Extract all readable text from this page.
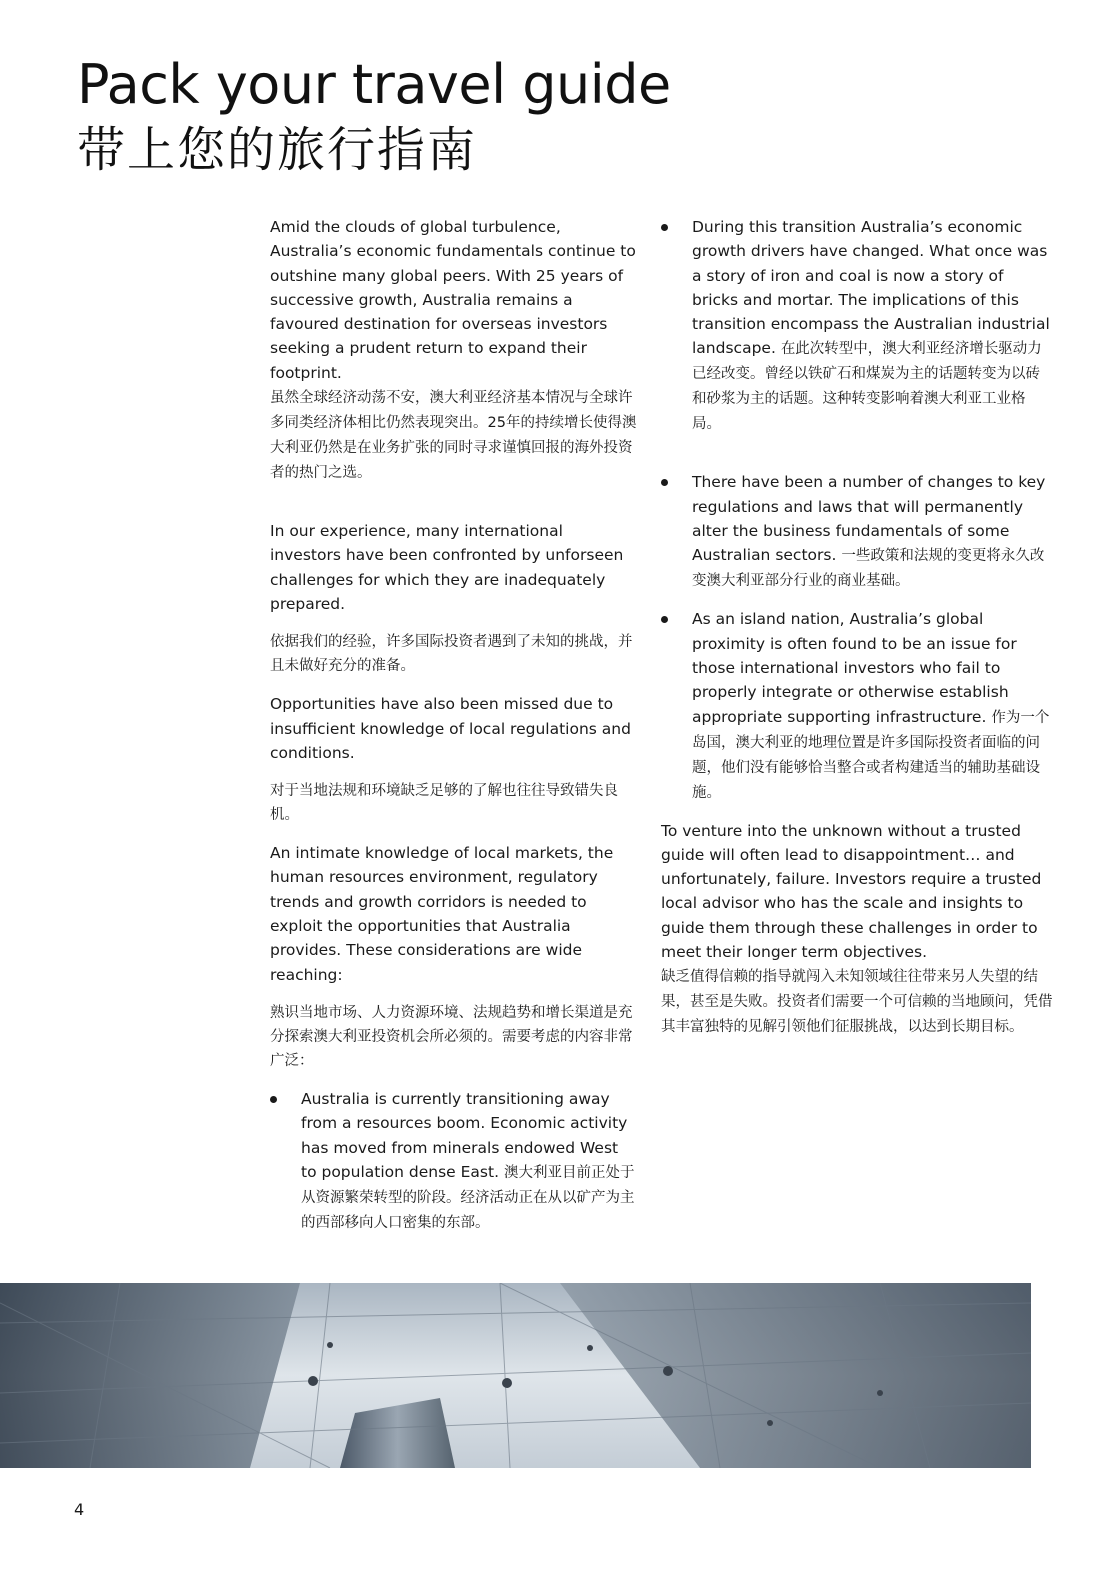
Pack your travel guide
带上您的旅行指南

Amid the clouds of global turbulence, Australia’s economic fundamentals continue to outshine many global peers. With 25 years of successive growth, Australia remains a favoured destination for overseas investors seeking a prudent return to expand their footprint.
虽然全球经济动荡不安，澳大利亚经济基本情况与全球许多同类经济体相比仍然表现突出。25年的持续增长使得澳大利亚仍然是在业务扩张的同时寻求谨慎回报的海外投资者的热门之选。

In our experience, many international investors have been confronted by unforseen challenges for which they are inadequately prepared.

依据我们的经验，许多国际投资者遇到了未知的挑战，并且未做好充分的准备。

Opportunities have also been missed due to insufficient knowledge of local regulations and conditions.

对于当地法规和环境缺乏足够的了解也往往导致错失良机。

An intimate knowledge of local markets, the human resources environment, regulatory trends and growth corridors is needed to exploit the opportunities that Australia provides. These considerations are wide reaching:

熟识当地市场、人力资源环境、法规趋势和增长渠道是充分探索澳大利亚投资机会所必须的。需要考虑的内容非常广泛：

Australia is currently transitioning away from a resources boom. Economic activity has moved from minerals endowed West to population dense East. 澳大利亚目前正处于从资源繁荣转型的阶段。经济活动正在从以矿产为主的西部移向人口密集的东部。

During this transition Australia’s economic growth drivers have changed. What once was a story of iron and coal is now a story of bricks and mortar. The implications of this transition encompass the Australian industrial landscape. 在此次转型中，澳大利亚经济增长驱动力已经改变。曾经以铁矿石和煤炭为主的话题转变为以砖和砂浆为主的话题。这种转变影响着澳大利亚工业格局。

There have been a number of changes to key regulations and laws that will permanently alter the business fundamentals of some Australian sectors. 一些政策和法规的变更将永久改变澳大利亚部分行业的商业基础。

As an island nation, Australia’s global proximity is often found to be an issue for those international investors who fail to properly integrate or otherwise establish appropriate supporting infrastructure. 作为一个岛国，澳大利亚的地理位置是许多国际投资者面临的问题，他们没有能够恰当整合或者构建适当的辅助基础设施。

To venture into the unknown without a trusted guide will often lead to disappointment… and unfortunately, failure. Investors require a trusted local advisor who has the scale and insights to guide them through these challenges in order to meet their longer term objectives.
缺乏值得信赖的指导就闯入未知领域往往带来另人失望的结果，甚至是失败。投资者们需要一个可信赖的当地顾问，凭借其丰富独特的见解引领他们征服挑战，以达到长期目标。

4
